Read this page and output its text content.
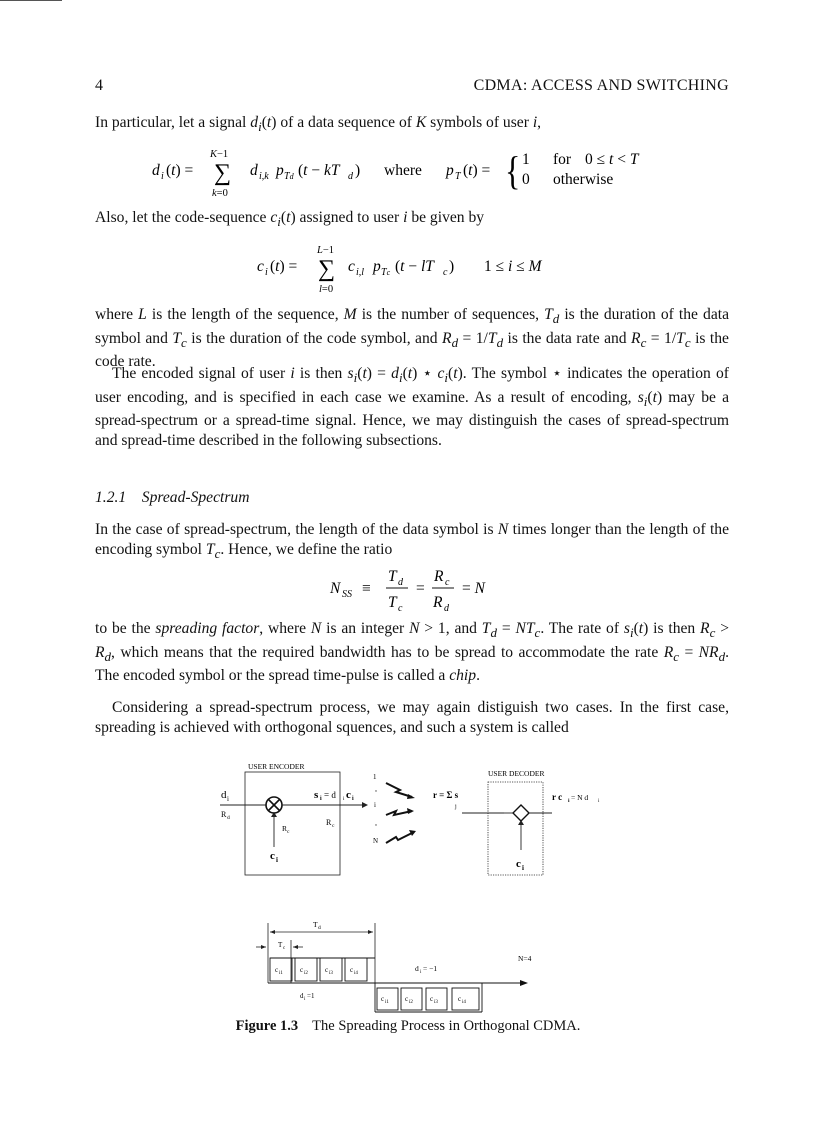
4	CDMA: ACCESS AND SWITCHING

In particular, let a signal $d_i(t)$ of a data sequence of K symbols of user i,

d i (t) =
K−1
∑
k=0
d i,k p Td (t − kT d ) where p T (t) = { 1 for 0 ≤ t < T
0 otherwise

Also, let the code-sequence $c_i(t)$ assigned to user i be given by

c i (t) =
L−1
∑
l=0
c i,l p Tc (t − lT c ) 1 ≤ i ≤ M

where L is the length of the sequence, M is the number of sequences, $T_d$ is the duration of the data symbol and $T_c$ is the duration of the code symbol, and $R_d = 1/T_d$ is the data rate and $R_c = 1/T_c$ is the code rate.

The encoded signal of user i is then $s_i(t) = d_i(t)$ ⋆ $c_i(t)$. The symbol ⋆ indicates the operation of user encoding, and is specified in each case we examine. As a result of encoding, $s_i(t)$ may be a spread-spectrum or a spread-time signal. Hence, we may distinguish the cases of spread-spectrum and spread-time described in the following subsections.

1.2.1 Spread-Spectrum

In the case of spread-spectrum, the length of the data symbol is N times longer than the length of the encoding symbol $T_c$. Hence, we define the ratio

N SS ≡
T d
T c
=
R c
R d
= N

to be the spreading factor, where N is an integer N > 1, and $T_d = NT_c$. The rate of $s_i(t)$ is then $R_c > R_d$, which means that the required bandwidth has to be spread to accommodate the rate $R_c = NR_d$. The encoded symbol or the spread time-pulse is called a chip.

Considering a spread-spectrum process, we may again distiguish two cases. In the first case, spreading is achieved with orthogonal squences, and such a system is called

USER ENCODER
d i
R d
R c
c i
s i = d i c i
R c
1
i
N
r = Σ s
j
USER DECODER
c i
r c i = N d i
T d
T c
c i1 c i2 c i3 c i4
d i =1
d i = −1
N=4
c i1 c i2 c i3	c i4
Figure 1.3 The Spreading Process in Orthogonal CDMA.
